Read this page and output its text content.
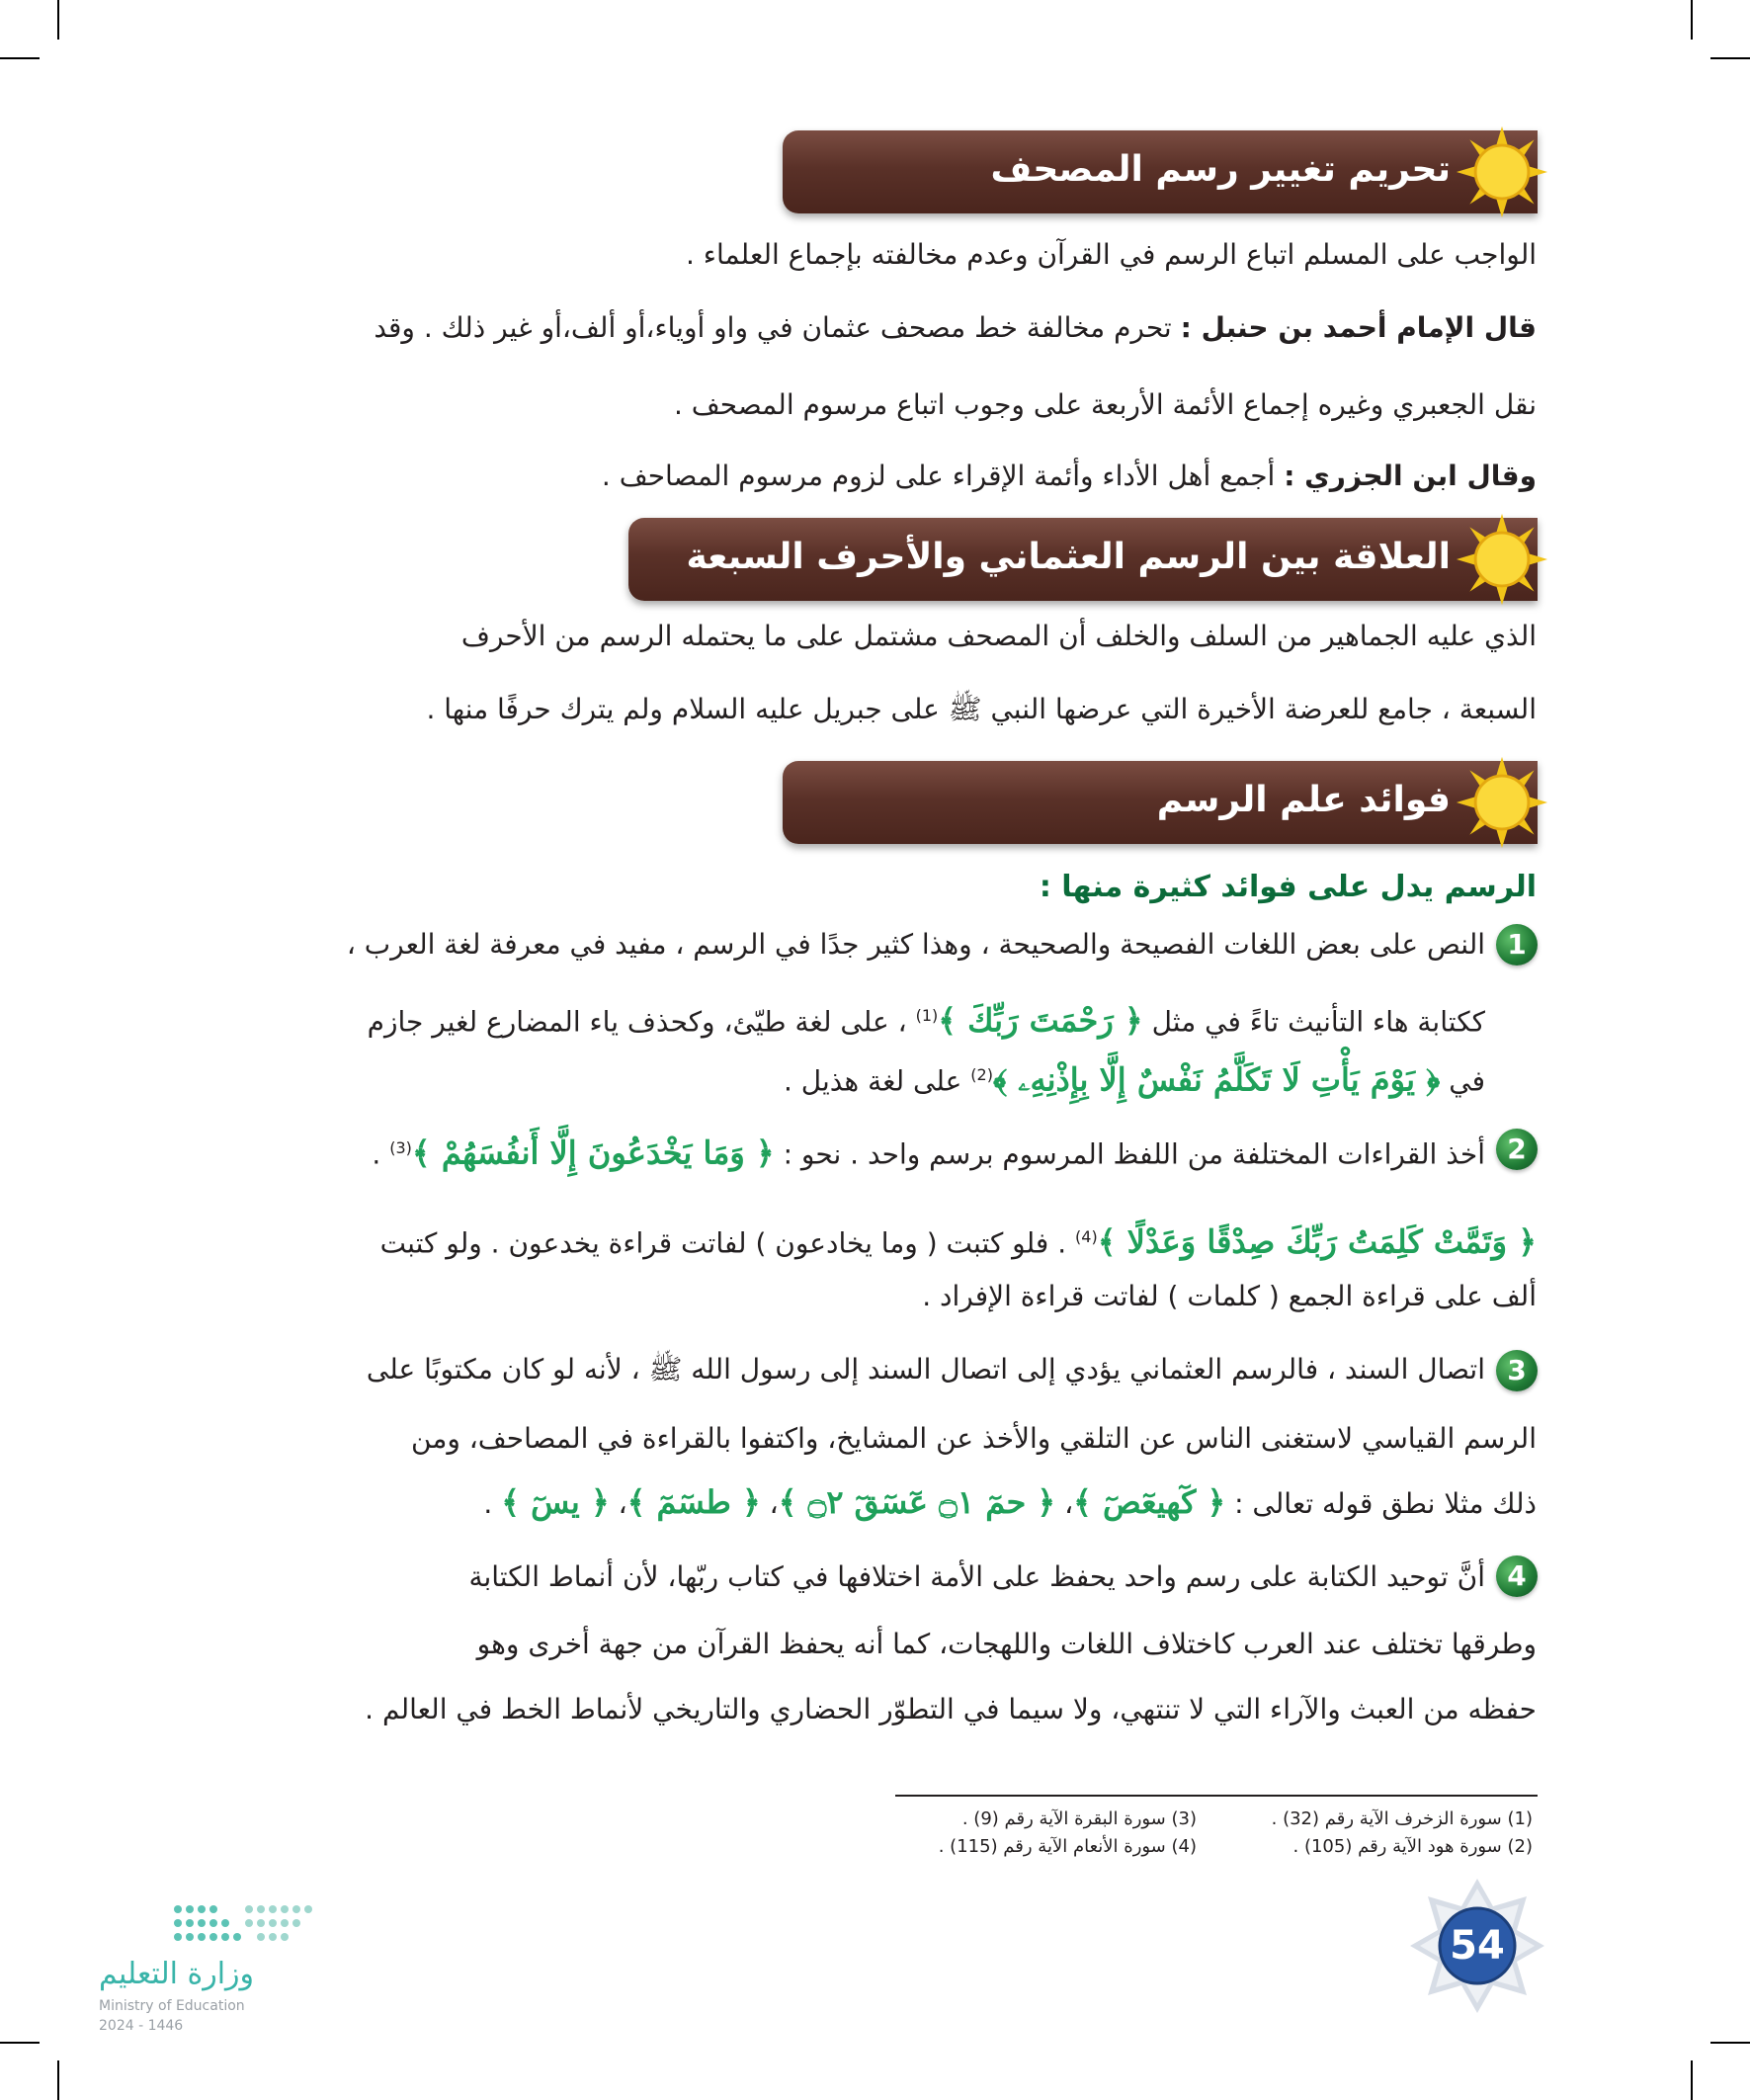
تحريم تغيير رسم المصحف
الواجب على المسلم اتباع الرسم في القرآن وعدم مخالفته بإجماع العلماء .
قال الإمام أحمد بن حنبل : تحرم مخالفة خط مصحف عثمان في واو أوياء،أو ألف،أو غير ذلك . وقد
نقل الجعبري وغيره إجماع الأئمة الأربعة على وجوب اتباع مرسوم المصحف .
وقال ابن الجزري : أجمع أهل الأداء وأئمة الإقراء على لزوم مرسوم المصاحف .
العلاقة بين الرسم العثماني والأحرف السبعة
الذي عليه الجماهير من السلف والخلف أن المصحف مشتمل على ما يحتمله الرسم من الأحرف
السبعة ، جامع للعرضة الأخيرة التي عرضها النبي ﷺ على جبريل عليه السلام ولم يترك حرفًا منها .
فوائد علم الرسم
الرسم يدل على فوائد كثيرة منها :
1
النص على بعض اللغات الفصيحة والصحيحة ، وهذا كثير جدًا في الرسم ، مفيد في معرفة لغة العرب ،
ككتابة هاء التأنيث تاءً في مثل ﴿ رَحْمَتَ رَبِّكَ ﴾$^{(1)}$ ، على لغة طيّئ، وكحذف ياء المضارع لغير جازم
في ﴿ يَوْمَ يَأْتِ لَا تَكَلَّمُ نَفْسٌ إِلَّا بِإِذْنِهِۦ ﴾$^{(2)}$ على لغة هذيل .
2
أخذ القراءات المختلفة من اللفظ المرسوم برسم واحد . نحو : ﴿ وَمَا يَخْدَعُونَ إِلَّا أَنفُسَهُمْ ﴾$^{(3)}$ .
﴿ وَتَمَّتْ كَلِمَتُ رَبِّكَ صِدْقًا وَعَدْلًا ﴾$^{(4)}$ . فلو كتبت ( وما يخادعون ) لفاتت قراءة يخدعون . ولو كتبت
ألف على قراءة الجمع ( كلمات ) لفاتت قراءة الإفراد .
3
اتصال السند ، فالرسم العثماني يؤدي إلى اتصال السند إلى رسول الله ﷺ ، لأنه لو كان مكتوبًا على
الرسم القياسي لاستغنى الناس عن التلقي والأخذ عن المشايخ، واكتفوا بالقراءة في المصاحف، ومن
ذلك مثلا نطق قوله تعالى : ﴿ كٓهيعٓصٓ ﴾، ﴿ حمٓ ۝١ عٓسٓقٓ ۝٢ ﴾، ﴿ طسٓمٓ ﴾، ﴿ يسٓ ﴾ .
4
أنَّ توحيد الكتابة على رسم واحد يحفظ على الأمة اختلافها في كتاب ربّها، لأن أنماط الكتابة
وطرقها تختلف عند العرب كاختلاف اللغات واللهجات، كما أنه يحفظ القرآن من جهة أخرى وهو
حفظه من العبث والآراء التي لا تنتهي، ولا سيما في التطوّر الحضاري والتاريخي لأنماط الخط في العالم .
(1) سورة الزخرف الآية رقم (32) .
(2) سورة هود الآية رقم (105) .
(3) سورة البقرة الآية رقم (9) .
(4) سورة الأنعام الآية رقم (115) .
54
وزارة التعليم
Ministry of Education
2024 - 1446
